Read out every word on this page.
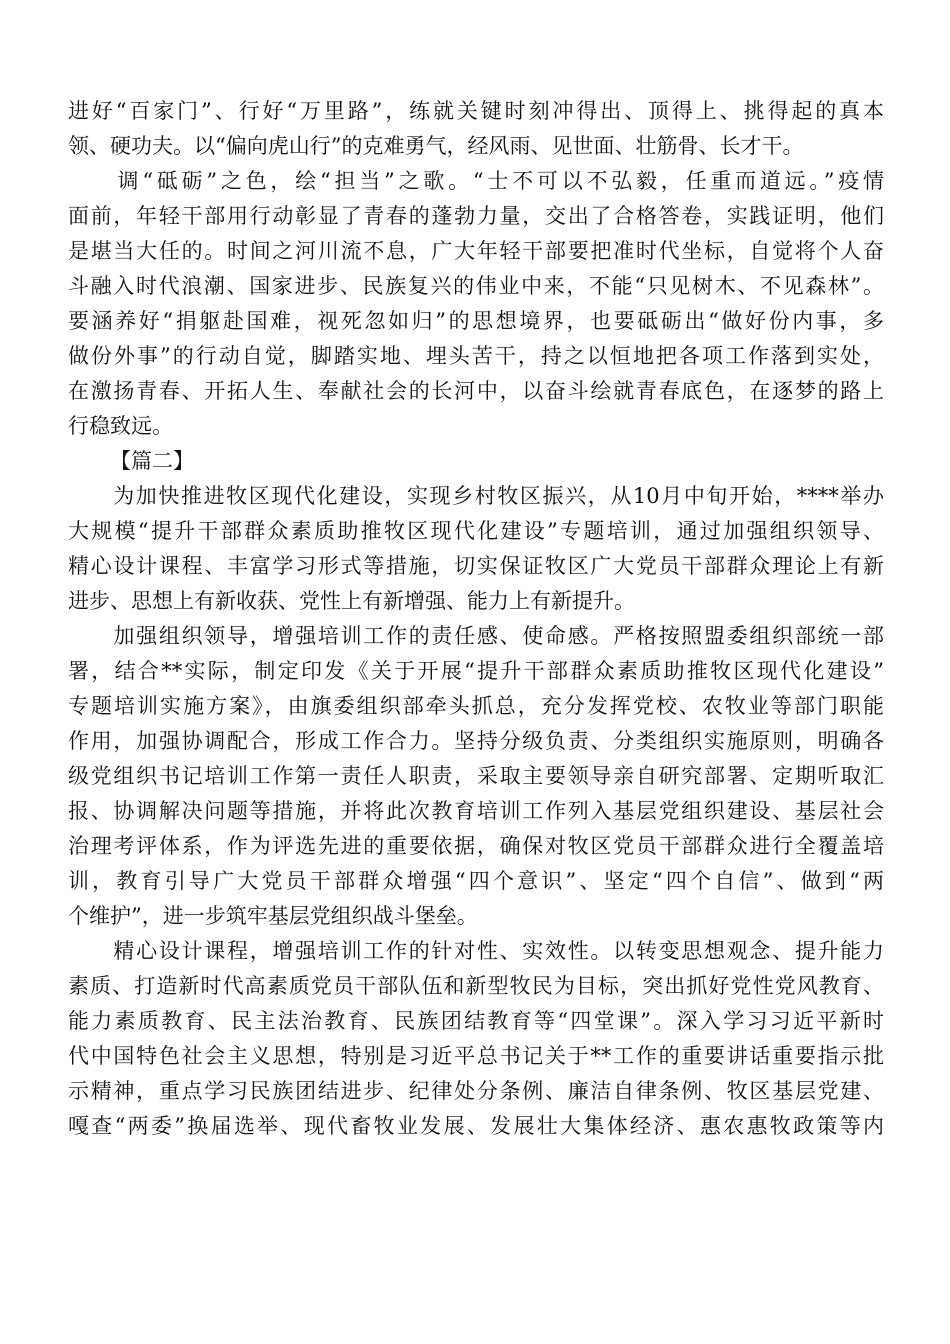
进好“百家门”、行好“万里路”，练就关键时刻冲得出、顶得上、挑得起的真本
领、硬功夫。以“偏向虎山行”的克难勇气，经风雨、见世面、壮筋骨、长才干。
　　调“砥砺”之色，绘“担当”之歌。“士不可以不弘毅，任重而道远。”疫情
面前，年轻干部用行动彰显了青春的蓬勃力量，交出了合格答卷，实践证明，他们
是堪当大任的。时间之河川流不息，广大年轻干部要把准时代坐标，自觉将个人奋
斗融入时代浪潮、国家进步、民族复兴的伟业中来，不能“只见树木、不见森林”。
要涵养好“捐躯赴国难，视死忽如归”的思想境界，也要砥砺出“做好份内事，多
做份外事”的行动自觉，脚踏实地、埋头苦干，持之以恒地把各项工作落到实处，
在激扬青春、开拓人生、奉献社会的长河中，以奋斗绘就青春底色，在逐梦的路上
行稳致远。
【篇二】
　　为加快推进牧区现代化建设，实现乡村牧区振兴，从10月中旬开始，****举办
大规模“提升干部群众素质助推牧区现代化建设”专题培训，通过加强组织领导、
精心设计课程、丰富学习形式等措施，切实保证牧区广大党员干部群众理论上有新
进步、思想上有新收获、党性上有新增强、能力上有新提升。
　　加强组织领导，增强培训工作的责任感、使命感。严格按照盟委组织部统一部
署，结合**实际，制定印发《关于开展“提升干部群众素质助推牧区现代化建设”
专题培训实施方案》，由旗委组织部牵头抓总，充分发挥党校、农牧业等部门职能
作用，加强协调配合，形成工作合力。坚持分级负责、分类组织实施原则，明确各
级党组织书记培训工作第一责任人职责，采取主要领导亲自研究部署、定期听取汇
报、协调解决问题等措施，并将此次教育培训工作列入基层党组织建设、基层社会
治理考评体系，作为评选先进的重要依据，确保对牧区党员干部群众进行全覆盖培
训，教育引导广大党员干部群众增强“四个意识”、坚定“四个自信”、做到“两
个维护”，进一步筑牢基层党组织战斗堡垒。
　　精心设计课程，增强培训工作的针对性、实效性。以转变思想观念、提升能力
素质、打造新时代高素质党员干部队伍和新型牧民为目标，突出抓好党性党风教育、
能力素质教育、民主法治教育、民族团结教育等“四堂课”。深入学习习近平新时
代中国特色社会主义思想，特别是习近平总书记关于**工作的重要讲话重要指示批
示精神，重点学习民族团结进步、纪律处分条例、廉洁自律条例、牧区基层党建、
嘎查“两委”换届选举、现代畜牧业发展、发展壮大集体经济、惠农惠牧政策等内
